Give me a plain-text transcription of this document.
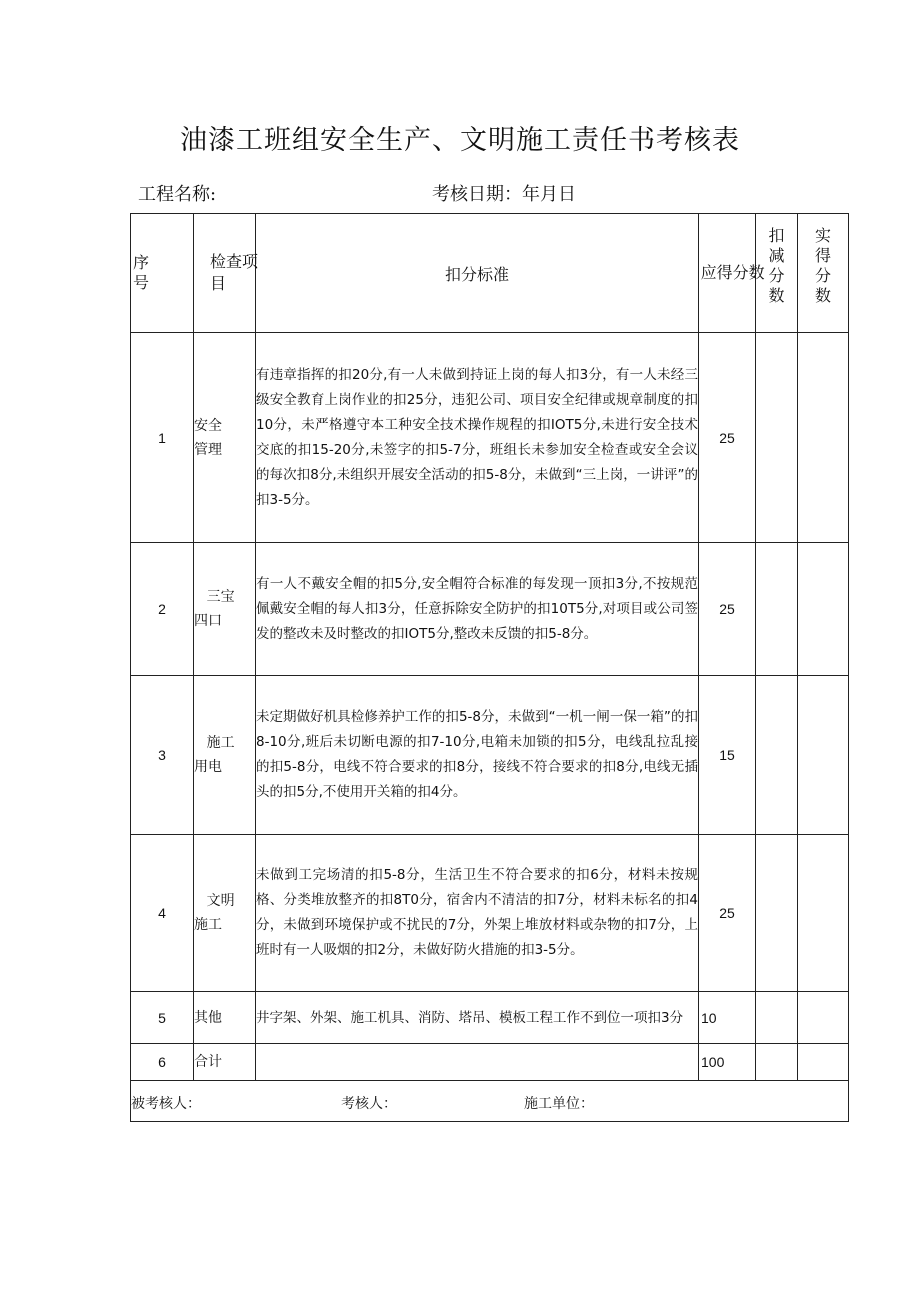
油漆工班组安全生产、文明施工责任书考核表
工程名称:	考核日期：年月日
序号	检查项目	扣分标准	应得分数	扣减分数	实得分数

1	安全管理	有违章指挥的扣20分,有一人未做到持证上岗的每人扣3分，有一人未经三级安全教育上岗作业的扣25分，违犯公司、项目安全纪律或规章制度的扣10分，未严格遵守本工种安全技术操作规程的扣IOT5分,未进行安全技术交底的扣15-20分,未签字的扣5-7分，班组长未参加安全检查或安全会议的每次扣8分,未组织开展安全活动的扣5-8分，未做到“三上岗，一讲评”的扣3-5分。	25		
2	三宝四口	有一人不戴安全帽的扣5分,安全帽符合标准的每发现一顶扣3分,不按规范佩戴安全帽的每人扣3分，任意拆除安全防护的扣10T5分,对项目或公司签发的整改未及时整改的扣IOT5分,整改未反馈的扣5-8分。	25		
3	施工用电	未定期做好机具检修养护工作的扣5-8分，未做到“一机一闸一保一箱”的扣8-10分,班后未切断电源的扣7-10分,电箱未加锁的扣5分，电线乱拉乱接的扣5-8分，电线不符合要求的扣8分，接线不符合要求的扣8分,电线无插头的扣5分,不使用开关箱的扣4分。	15		
4	文明施工	未做到工完场清的扣5-8分，生活卫生不符合要求的扣6分，材料未按规格、分类堆放整齐的扣8T0分，宿舍内不清洁的扣7分，材料未标名的扣4分，未做到环境保护或不扰民的7分，外架上堆放材料或杂物的扣7分，上班时有一人吸烟的扣2分，未做好防火措施的扣3-5分。	25		
5	其他	井字架、外架、施工机具、消防、塔吊、模板工程工作不到位一项扣3分	10		
6	合计		100		

被考核人： 考核人： 施工单位：					
